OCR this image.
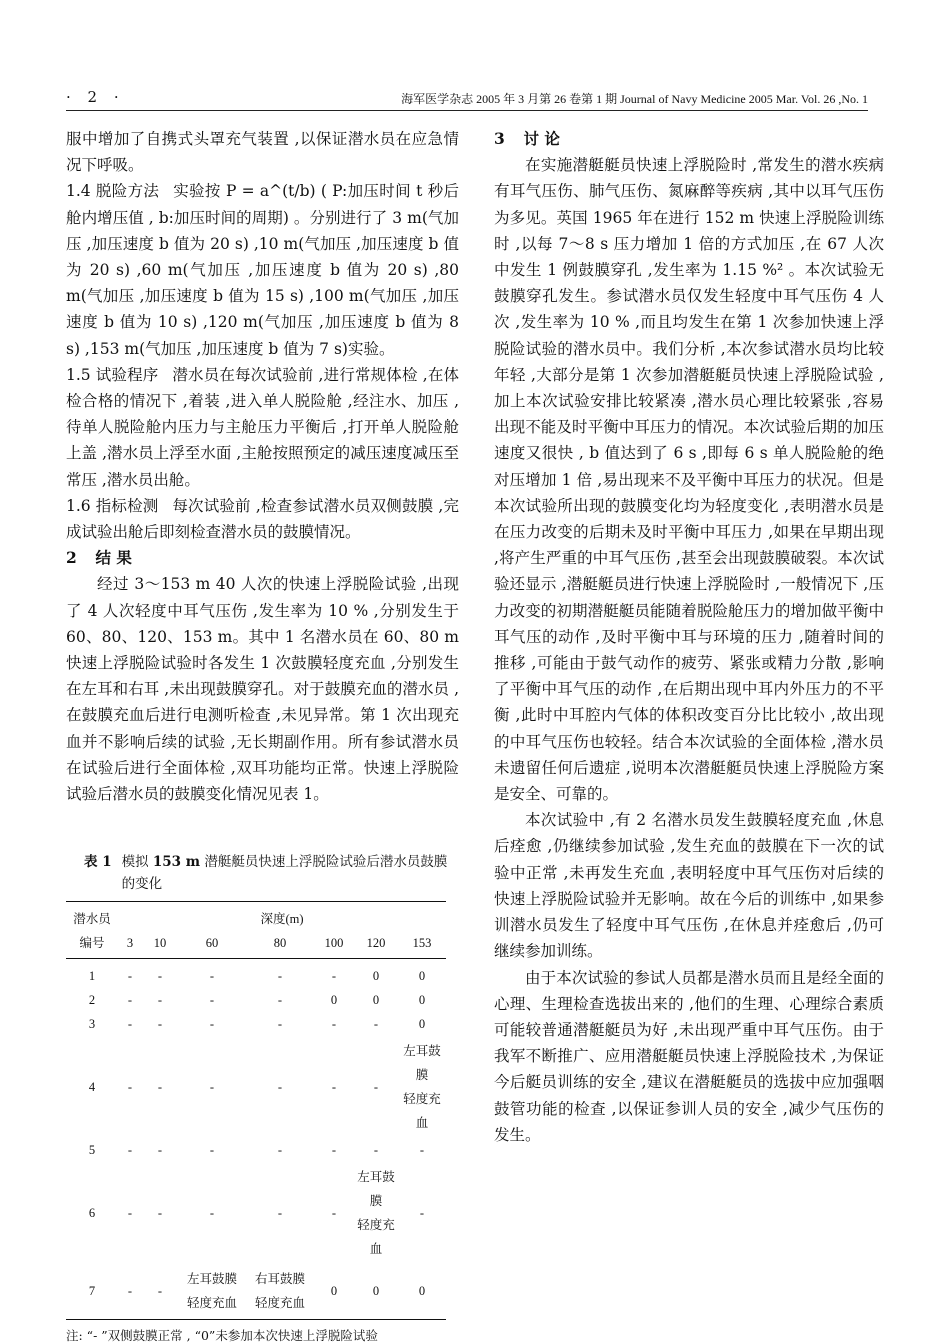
· 2 ·	海军医学杂志 2005 年 3 月第 26 卷第 1 期 Journal of Navy Medicine 2005 Mar. Vol. 26 ,No. 1

服中增加了自携式头罩充气装置 ,以保证潜水员在应急情况下呼吸。

1.4 脱险方法 实验按 P = a^(t/b) ( P:加压时间 t 秒后舱内增压值 , b:加压时间的周期) 。分别进行了 3 m(气加压 ,加压速度 b 值为 20 s) ,10 m(气加压 ,加压速度 b 值为 20 s) ,60 m(气加压 ,加压速度 b 值为 20 s) ,80 m(气加压 ,加压速度 b 值为 15 s) ,100 m(气加压 ,加压速度 b 值为 10 s) ,120 m(气加压 ,加压速度 b 值为 8 s) ,153 m(气加压 ,加压速度 b 值为 7 s)实验。

1.5 试验程序 潜水员在每次试验前 ,进行常规体检 ,在体检合格的情况下 ,着装 ,进入单人脱险舱 ,经注水、加压 ,待单人脱险舱内压力与主舱压力平衡后 ,打开单人脱险舱上盖 ,潜水员上浮至水面 ,主舱按照预定的减压速度减压至常压 ,潜水员出舱。

1.6 指标检测 每次试验前 ,检查参试潜水员双侧鼓膜 ,完成试验出舱后即刻检查潜水员的鼓膜情况。

2 结 果

经过 3～153 m 40 人次的快速上浮脱险试验 ,出现了 4 人次轻度中耳气压伤 ,发生率为 10 % ,分别发生于 60、80、120、153 m。其中 1 名潜水员在 60、80 m 快速上浮脱险试验时各发生 1 次鼓膜轻度充血 ,分别发生在左耳和右耳 ,未出现鼓膜穿孔。对于鼓膜充血的潜水员 ,在鼓膜充血后进行电测听检查 ,未见异常。第 1 次出现充血并不影响后续的试验 ,无长期副作用。所有参试潜水员在试验后进行全面体检 ,双耳功能均正常。快速上浮脱险试验后潜水员的鼓膜变化情况见表 1。

表 1 模拟 153 m 潜艇艇员快速上浮脱险试验后潜水员鼓膜的变化
潜水员	深度(m)						
编号	3	10	60	80	100	120	153
1	-	-	-	-	-	0	0
2	-	-	-	-	0	0	0
3	-	-	-	-	-	-	0
4	-	-	-	-	-	-	左耳鼓膜
轻度充血
5	-	-	-	-	-	-	-
6	-	-	-	-	-	左耳鼓膜
轻度充血	-
7	-	-	左耳鼓膜
轻度充血	右耳鼓膜
轻度充血	0	0	0
注: “- ”双侧鼓膜正常 , “0”未参加本次快速上浮脱险试验
3 讨 论

在实施潜艇艇员快速上浮脱险时 ,常发生的潜水疾病有耳气压伤、肺气压伤、氮麻醉等疾病 ,其中以耳气压伤为多见。英国 1965 年在进行 152 m 快速上浮脱险训练时 ,以每 7～8 s 压力增加 1 倍的方式加压 ,在 67 人次中发生 1 例鼓膜穿孔 ,发生率为 1.15 %² 。本次试验无鼓膜穿孔发生。参试潜水员仅发生轻度中耳气压伤 4 人次 ,发生率为 10 % ,而且均发生在第 1 次参加快速上浮脱险试验的潜水员中。我们分析 ,本次参试潜水员均比较年轻 ,大部分是第 1 次参加潜艇艇员快速上浮脱险试验 ,加上本次试验安排比较紧凑 ,潜水员心理比较紧张 ,容易出现不能及时平衡中耳压力的情况。本次试验后期的加压速度又很快 , b 值达到了 6 s ,即每 6 s 单人脱险舱的绝对压增加 1 倍 ,易出现来不及平衡中耳压力的状况。但是本次试验所出现的鼓膜变化均为轻度变化 ,表明潜水员是在压力改变的后期未及时平衡中耳压力 ,如果在早期出现 ,将产生严重的中耳气压伤 ,甚至会出现鼓膜破裂。本次试验还显示 ,潜艇艇员进行快速上浮脱险时 ,一般情况下 ,压力改变的初期潜艇艇员能随着脱险舱压力的增加做平衡中耳气压的动作 ,及时平衡中耳与环境的压力 ,随着时间的推移 ,可能由于鼓气动作的疲劳、紧张或精力分散 ,影响了平衡中耳气压的动作 ,在后期出现中耳内外压力的不平衡 ,此时中耳腔内气体的体积改变百分比比较小 ,故出现的中耳气压伤也较轻。结合本次试验的全面体检 ,潜水员未遗留任何后遗症 ,说明本次潜艇艇员快速上浮脱险方案是安全、可靠的。

本次试验中 ,有 2 名潜水员发生鼓膜轻度充血 ,休息后痊愈 ,仍继续参加试验 ,发生充血的鼓膜在下一次的试验中正常 ,未再发生充血 ,表明轻度中耳气压伤对后续的快速上浮脱险试验并无影响。故在今后的训练中 ,如果参训潜水员发生了轻度中耳气压伤 ,在休息并痊愈后 ,仍可继续参加训练。

由于本次试验的参试人员都是潜水员而且是经全面的心理、生理检查选拔出来的 ,他们的生理、心理综合素质可能较普通潜艇艇员为好 ,未出现严重中耳气压伤。由于我军不断推广、应用潜艇艇员快速上浮脱险技术 ,为保证今后艇员训练的安全 ,建议在潜艇艇员的选拔中应加强咽鼓管功能的检查 ,以保证参训人员的安全 ,减少气压伤的发生。
